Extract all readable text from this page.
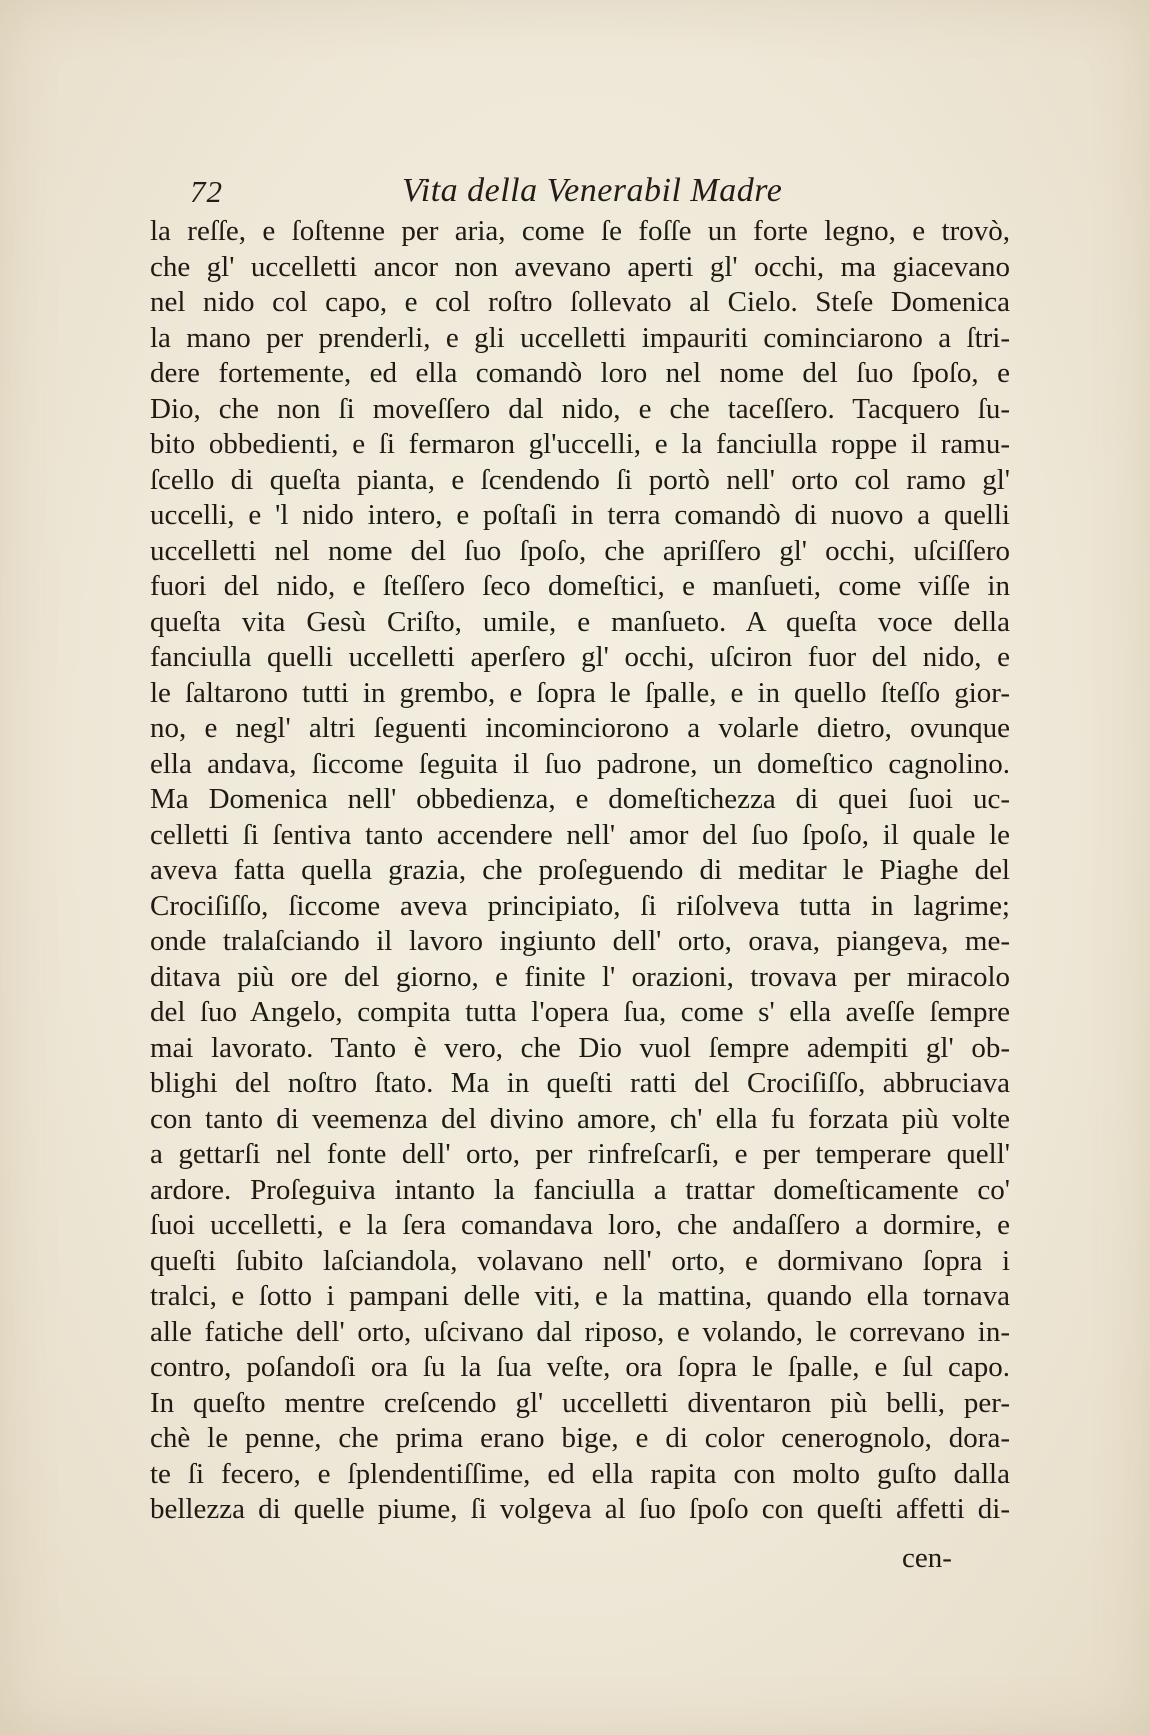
72	Vita della Venerabil Madre
la reſſe, e ſoſtenne per aria, come ſe foſſe un forte legno, e trovò,
che gl' uccelletti ancor non avevano aperti gl' occhi, ma giacevano
nel nido col capo, e col roſtro ſollevato al Cielo. Steſe Domenica
la mano per prenderli, e gli uccelletti impauriti cominciarono a ſtri-
dere fortemente, ed ella comandò loro nel nome del ſuo ſpoſo, e
Dio, che non ſi moveſſero dal nido, e che taceſſero. Tacquero ſu-
bito obbedienti, e ſi fermaron gl'uccelli, e la fanciulla roppe il ramu-
ſcello di queſta pianta, e ſcendendo ſi portò nell' orto col ramo gl'
uccelli, e 'l nido intero, e poſtaſi in terra comandò di nuovo a quelli
uccelletti nel nome del ſuo ſpoſo, che apriſſero gl' occhi, uſciſſero
fuori del nido, e ſteſſero ſeco domeſtici, e manſueti, come viſſe in
queſta vita Gesù Criſto, umile, e manſueto. A queſta voce della
fanciulla quelli uccelletti aperſero gl' occhi, uſciron fuor del nido, e
le ſaltarono tutti in grembo, e ſopra le ſpalle, e in quello ſteſſo gior-
no, e negl' altri ſeguenti incominciorono a volarle dietro, ovunque
ella andava, ſiccome ſeguita il ſuo padrone, un domeſtico cagnolino.
Ma Domenica nell' obbedienza, e domeſtichezza di quei ſuoi uc-
celletti ſi ſentiva tanto accendere nell' amor del ſuo ſpoſo, il quale le
aveva fatta quella grazia, che proſeguendo di meditar le Piaghe del
Crociſiſſo, ſiccome aveva principiato, ſi riſolveva tutta in lagrime;
onde tralaſciando il lavoro ingiunto dell' orto, orava, piangeva, me-
ditava più ore del giorno, e finite l' orazioni, trovava per miracolo
del ſuo Angelo, compita tutta l'opera ſua, come s' ella aveſſe ſempre
mai lavorato. Tanto è vero, che Dio vuol ſempre adempiti gl' ob-
blighi del noſtro ſtato. Ma in queſti ratti del Crociſiſſo, abbruciava
con tanto di veemenza del divino amore, ch' ella fu forzata più volte
a gettarſi nel fonte dell' orto, per rinfreſcarſi, e per temperare quell'
ardore. Proſeguiva intanto la fanciulla a trattar domeſticamente co'
ſuoi uccelletti, e la ſera comandava loro, che andaſſero a dormire, e
queſti ſubito laſciandola, volavano nell' orto, e dormivano ſopra i
tralci, e ſotto i pampani delle viti, e la mattina, quando ella tornava
alle fatiche dell' orto, uſcivano dal riposo, e volando, le correvano in-
contro, poſandoſi ora ſu la ſua veſte, ora ſopra le ſpalle, e ſul capo.
In queſto mentre creſcendo gl' uccelletti diventaron più belli, per-
chè le penne, che prima erano bige, e di color cenerognolo, dora-
te ſi fecero, e ſplendentiſſime, ed ella rapita con molto guſto dalla
bellezza di quelle piume, ſi volgeva al ſuo ſpoſo con queſti affetti di-
cen-
